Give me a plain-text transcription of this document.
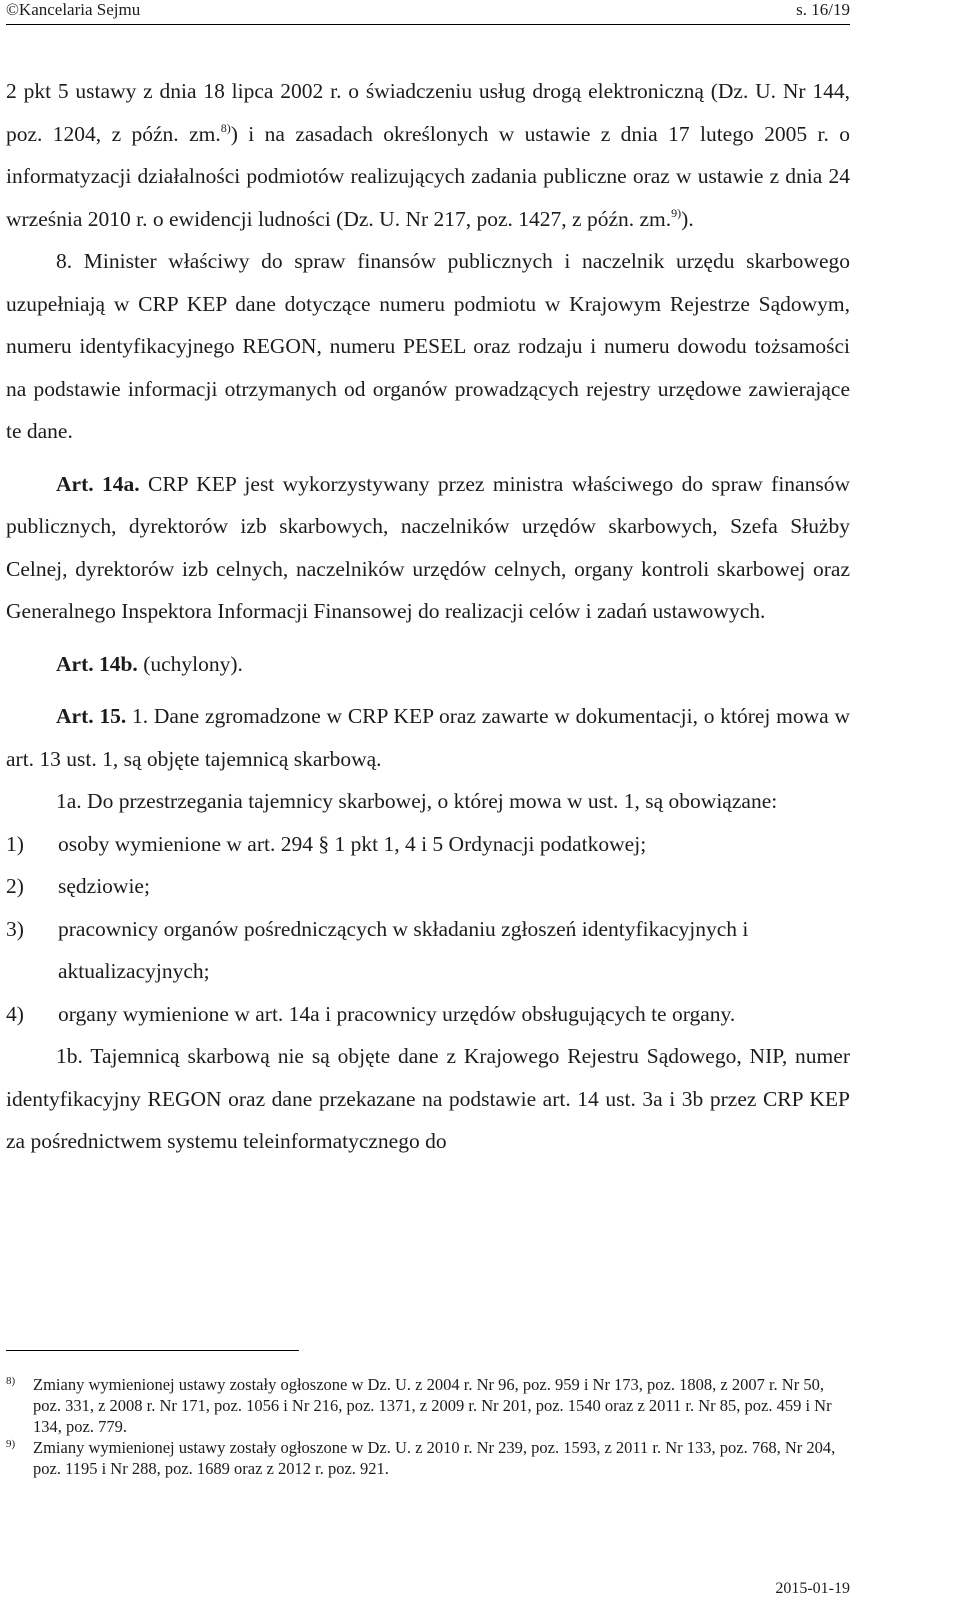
©Kancelaria Sejmu	s. 16/19

2 pkt 5 ustawy z dnia 18 lipca 2002 r. o świadczeniu usług drogą elektroniczną (Dz. U. Nr 144, poz. 1204, z późn. zm.$^{8)}$) i na zasadach określonych w ustawie z dnia 17 lutego 2005 r. o informatyzacji działalności podmiotów realizujących zadania publiczne oraz w ustawie z dnia 24 września 2010 r. o ewidencji ludności (Dz. U. Nr 217, poz. 1427, z późn. zm.$^{9)}$).

8. Minister właściwy do spraw finansów publicznych i naczelnik urzędu skarbowego uzupełniają w CRP KEP dane dotyczące numeru podmiotu w Krajowym Rejestrze Sądowym, numeru identyfikacyjnego REGON, numeru PESEL oraz rodzaju i numeru dowodu tożsamości na podstawie informacji otrzymanych od organów prowadzących rejestry urzędowe zawierające te dane.

Art. 14a. CRP KEP jest wykorzystywany przez ministra właściwego do spraw finansów publicznych, dyrektorów izb skarbowych, naczelników urzędów skarbowych, Szefa Służby Celnej, dyrektorów izb celnych, naczelników urzędów celnych, organy kontroli skarbowej oraz Generalnego Inspektora Informacji Finansowej do realizacji celów i zadań ustawowych.

Art. 14b. (uchylony).

Art. 15. 1. Dane zgromadzone w CRP KEP oraz zawarte w dokumentacji, o której mowa w art. 13 ust. 1, są objęte tajemnicą skarbową.

1a. Do przestrzegania tajemnicy skarbowej, o której mowa w ust. 1, są obowiązane:

1)	osoby wymienione w art. 294 § 1 pkt 1, 4 i 5 Ordynacji podatkowej;
2)	sędziowie;
3)	pracownicy organów pośredniczących w składaniu zgłoszeń identyfikacyjnych i aktualizacyjnych;
4)	organy wymienione w art. 14a i pracownicy urzędów obsługujących te organy.

1b. Tajemnicą skarbową nie są objęte dane z Krajowego Rejestru Sądowego, NIP, numer identyfikacyjny REGON oraz dane przekazane na podstawie art. 14 ust. 3a i 3b przez CRP KEP za pośrednictwem systemu teleinformatycznego do

8)	Zmiany wymienionej ustawy zostały ogłoszone w Dz. U. z 2004 r. Nr 96, poz. 959 i Nr 173, poz. 1808, z 2007 r. Nr 50, poz. 331, z 2008 r. Nr 171, poz. 1056 i Nr 216, poz. 1371, z 2009 r. Nr 201, poz. 1540 oraz z 2011 r. Nr 85, poz. 459 i Nr 134, poz. 779.
9)	Zmiany wymienionej ustawy zostały ogłoszone w Dz. U. z 2010 r. Nr 239, poz. 1593, z 2011 r. Nr 133, poz. 768, Nr 204, poz. 1195 i Nr 288, poz. 1689 oraz z 2012 r. poz. 921.
2015-01-19
